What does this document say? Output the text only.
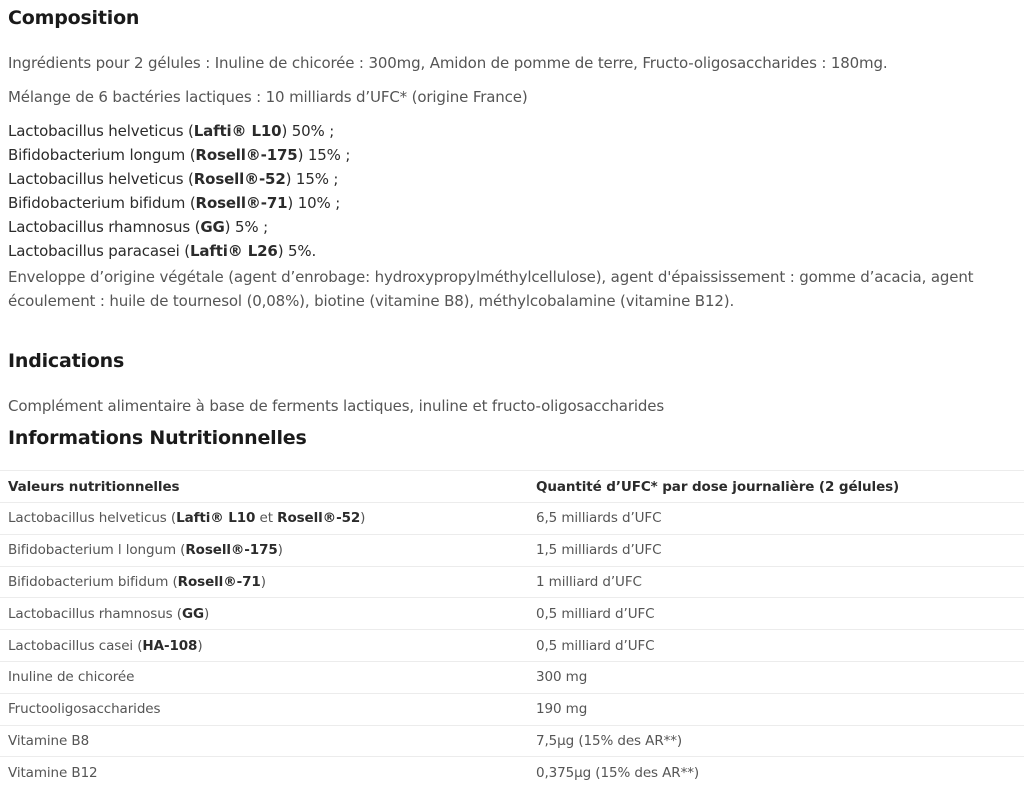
Composition
Ingrédients pour 2 gélules : Inuline de chicorée : 300mg, Amidon de pomme de terre, Fructo-oligosaccharides : 180mg.
Mélange de 6 bactéries lactiques : 10 milliards d’UFC* (origine France)
Lactobacillus helveticus (Lafti® L10) 50% ;
Bifidobacterium longum (Rosell®-175) 15% ;
Lactobacillus helveticus (Rosell®-52) 15% ;
Bifidobacterium bifidum (Rosell®-71) 10% ;
Lactobacillus rhamnosus (GG) 5% ;
Lactobacillus paracasei (Lafti® L26) 5%.
Enveloppe d’origine végétale (agent d’enrobage: hydroxypropylméthylcellulose), agent d'épaississement : gomme d’acacia, agent écoulement : huile de tournesol (0,08%), biotine (vitamine B8), méthylcobalamine (vitamine B12).
Indications
Complément alimentaire à base de ferments lactiques, inuline et fructo-oligosaccharides
Informations Nutritionnelles
Valeurs nutritionnelles	Quantité d’UFC* par dose journalière (2 gélules)
Lactobacillus helveticus (Lafti® L10 et Rosell®-52)	6,5 milliards d’UFC
Bifidobacterium l longum (Rosell®-175)	1,5 milliards d’UFC
Bifidobacterium bifidum (Rosell®-71)	1 milliard d’UFC
Lactobacillus rhamnosus (GG)	0,5 milliard d’UFC
Lactobacillus casei (HA-108)	0,5 milliard d’UFC
Inuline de chicorée	300 mg
Fructooligosaccharides	190 mg
Vitamine B8	7,5µg (15% des AR**)
Vitamine B12	0,375µg (15% des AR**)
